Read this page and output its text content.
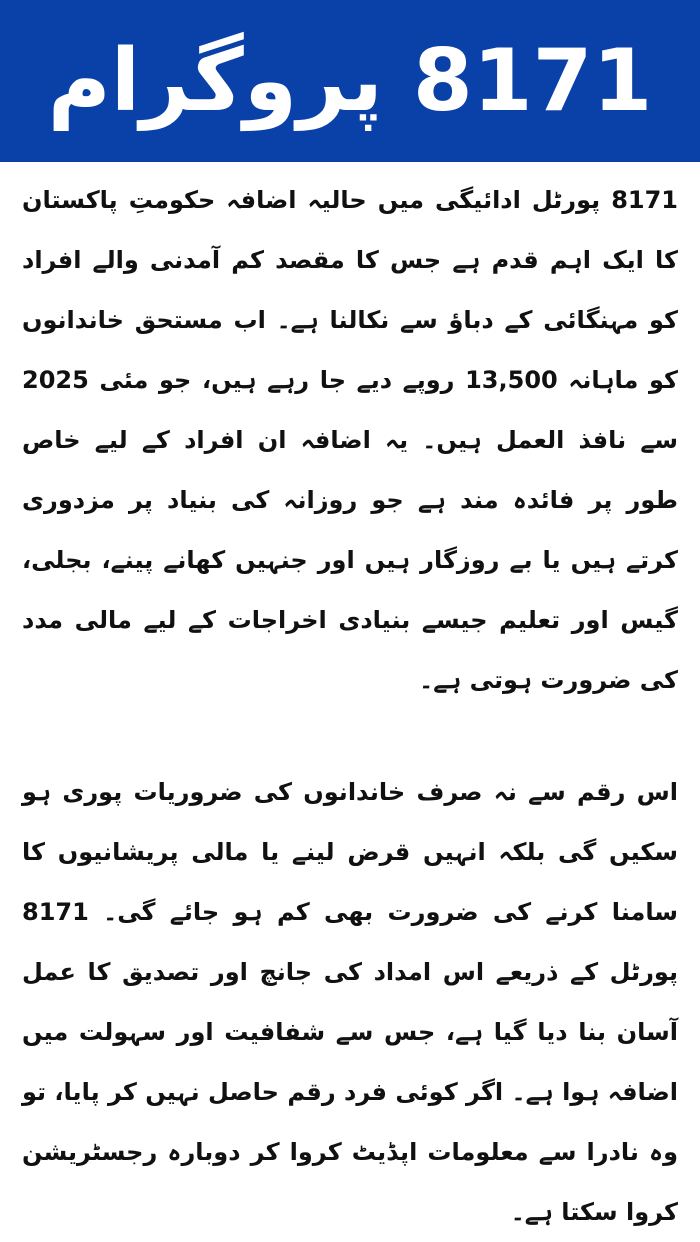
8171 پروگرام

8171 پورٹل ادائیگی میں حالیہ اضافہ حکومتِ پاکستان کا ایک اہم قدم ہے جس کا مقصد کم آمدنی والے افراد کو مہنگائی کے دباؤ سے نکالنا ہے۔ اب مستحق خاندانوں کو ماہانہ 13,500 روپے دیے جا رہے ہیں، جو مئی 2025 سے نافذ العمل ہیں۔ یہ اضافہ ان افراد کے لیے خاص طور پر فائدہ مند ہے جو روزانہ کی بنیاد پر مزدوری کرتے ہیں یا بے روزگار ہیں اور جنہیں کھانے پینے، بجلی، گیس اور تعلیم جیسے بنیادی اخراجات کے لیے مالی مدد کی ضرورت ہوتی ہے۔

اس رقم سے نہ صرف خاندانوں کی ضروریات پوری ہو سکیں گی بلکہ انہیں قرض لینے یا مالی پریشانیوں کا سامنا کرنے کی ضرورت بھی کم ہو جائے گی۔ 8171 پورٹل کے ذریعے اس امداد کی جانچ اور تصدیق کا عمل آسان بنا دیا گیا ہے، جس سے شفافیت اور سہولت میں اضافہ ہوا ہے۔ اگر کوئی فرد رقم حاصل نہیں کر پایا، تو وہ نادرا سے معلومات اپڈیٹ کروا کر دوبارہ رجسٹریشن کروا سکتا ہے۔
